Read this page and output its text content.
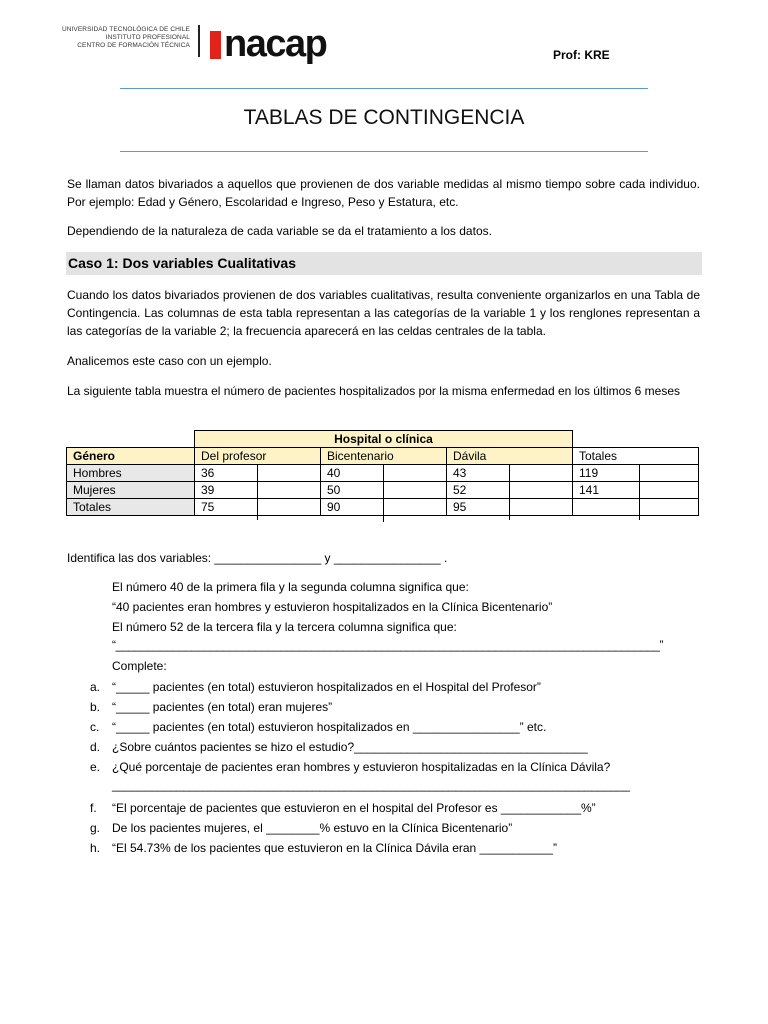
UNIVERSIDAD TECNOLÓGICA DE CHILE
INSTITUTO PROFESIONAL
CENTRO DE FORMACIÓN TÉCNICA nacap	Prof: KRE
TABLAS DE CONTINGENCIA
Se llaman datos bivariados a aquellos que provienen de dos variable medidas al mismo tiempo sobre cada individuo. Por ejemplo: Edad y Género, Escolaridad e Ingreso, Peso y Estatura, etc.
Dependiendo de la naturaleza de cada variable se da el tratamiento a los datos.
Caso 1: Dos variables Cualitativas
Cuando los datos bivariados provienen de dos variables cualitativas, resulta conveniente organizarlos en una Tabla de Contingencia. Las columnas de esta tabla representan a las categorías de la variable 1 y los renglones representan a las categorías de la variable 2; la frecuencia aparecerá en las celdas centrales de la tabla.
Analicemos este caso con un ejemplo.
La siguiente tabla muestra el número de pacientes hospitalizados por la misma enfermedad en los últimos 6 meses
	Hospital o clínica			
Género	Del profesor	Bicentenario	Dávila	Totales
Hombres	36	40	43	119
Mujeres	39	50	52	141
Totales	75	90	95	
Identifica las dos variables: ________________ y ________________ .
El número 40 de la primera fila y la segunda columna significa que:
“40 pacientes eran hombres y estuvieron hospitalizados en la Clínica Bicentenario”
El número 52 de la tercera fila y la tercera columna significa que:
“______________________________________________________________________________________”
Complete:
a. “_____ pacientes (en total) estuvieron hospitalizados en el Hospital del Profesor”
b. “_____ pacientes (en total) eran mujeres”
c. “_____ pacientes (en total) estuvieron hospitalizados en ________________” etc.
d. ¿Sobre cuántos pacientes se hizo el estudio?___________________________________
e. ¿Qué porcentaje de pacientes eran hombres y estuvieron hospitalizadas en la Clínica Dávila?
________________________________________________________________________________
f. “El porcentaje de pacientes que estuvieron en el hospital del Profesor es ____________%”
g. De los pacientes mujeres, el ________% estuvo en la Clínica Bicentenario”
h. “El 54.73% de los pacientes que estuvieron en la Clínica Dávila eran ___________”
